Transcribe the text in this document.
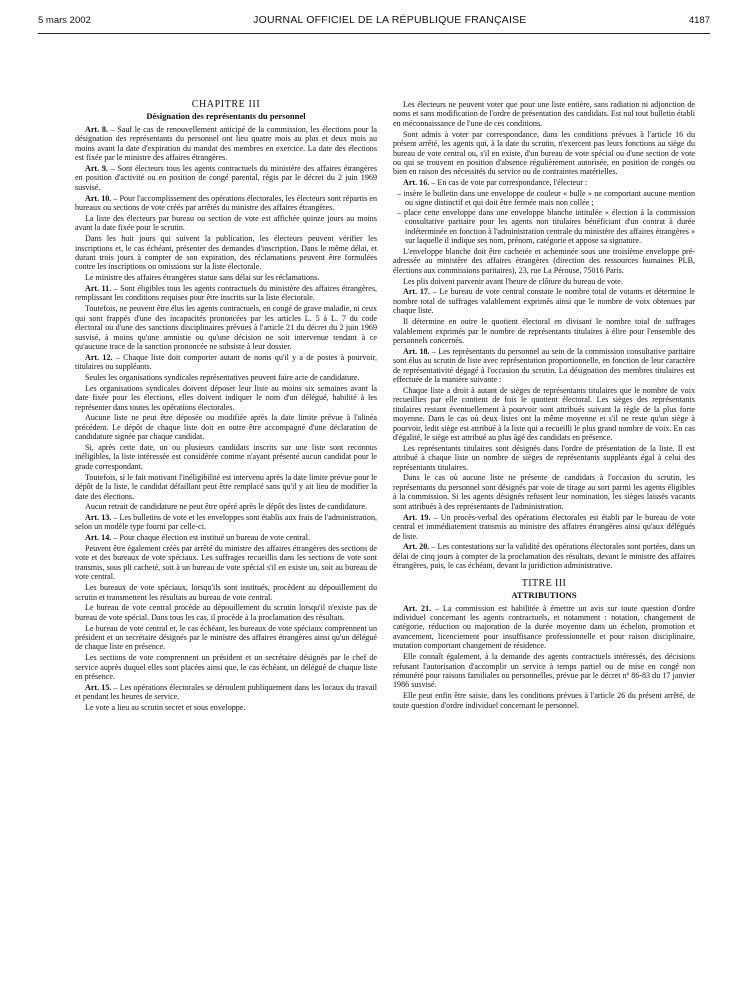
5 mars 2002	JOURNAL OFFICIEL DE LA RÉPUBLIQUE FRANÇAISE	4187
CHAPITRE III
Désignation des représentants du personnel

Art. 8. – Sauf le cas de renouvellement anticipé de la commission, les élections pour la désignation des représentants du personnel ont lieu quatre mois au plus et deux mois au moins avant la date d'expiration du mandat des membres en exercice. La date des élections est fixée par le ministre des affaires étrangères.

Art. 9. – Sont électeurs tous les agents contractuels du ministère des affaires étrangères en position d'activité ou en position de congé parental, régis par le décret du 2 juin 1969 susvisé.

Art. 10. – Pour l'accomplissement des opérations électorales, les électeurs sont répartis en bureaux ou sections de vote créés par arrêtés du ministre des affaires étrangères.

La liste des électeurs par bureau ou section de vote est affichée quinze jours au moins avant la date fixée pour le scrutin.

Dans les huit jours qui suivent la publication, les électeurs peuvent vérifier les inscriptions et, le cas échéant, présenter des demandes d'inscription. Dans le même délai, et durant trois jours à compter de son expiration, des réclamations peuvent être formulées contre les inscriptions ou omissions sur la liste électorale.

Le ministre des affaires étrangères statue sans délai sur les réclamations.

Art. 11. – Sont éligibles tous les agents contractuels du ministère des affaires étrangères, remplissant les conditions requises pour être inscrits sur la liste électorale.

Toutefois, ne peuvent être élus les agents contractuels, en congé de grave maladie, ni ceux qui sont frappés d'une des incapacités prononcées par les articles L. 5 à L. 7 du code électoral ou d'une des sanctions disciplinaires prévues à l'article 21 du décret du 2 juin 1969 susvisé, à moins qu'une amnistie ou qu'une décision ne soit intervenue tendant à ce qu'aucune trace de la sanction prononcée ne subsiste à leur dossier.

Art. 12. – Chaque liste doit comporter autant de noms qu'il y a de postes à pourvoir, titulaires ou suppléants.

Seules les organisations syndicales représentatives peuvent faire acte de candidature.

Les organisations syndicales doivent déposer leur liste au moins six semaines avant la date fixée pour les élections, elles doivent indiquer le nom d'un délégué, habilité à les représenter dans toutes les opérations électorales.

Aucune liste ne peut être déposée ou modifiée après la date limite prévue à l'alinéa précédent. Le dépôt de chaque liste doit en outre être accompagné d'une déclaration de candidature signée par chaque candidat.

Si, après cette date, un ou plusieurs candidats inscrits sur une liste sont reconnus inéligibles, la liste intéressée est considérée comme n'ayant présenté aucun candidat pour le grade correspondant.

Toutefois, si le fait motivant l'inéligibilité est intervenu après la date limite prévue pour le dépôt de la liste, le candidat défaillant peut être remplacé sans qu'il y ait lieu de modifier la date des élections.

Aucun retrait de candidature ne peut être opéré après le dépôt des listes de candidature.

Art. 13. – Les bulletins de vote et les enveloppes sont établis aux frais de l'administration, selon un modèle type fourni par celle-ci.

Art. 14. – Pour chaque élection est institué un bureau de vote central.

Peuvent être également créés par arrêté du ministre des affaires étrangères des sections de vote et des bureaux de vote spéciaux. Les suffrages recueillis dans les sections de vote sont transmis, sous pli cacheté, soit à un bureau de vote spécial s'il en existe un, soit au bureau de vote central.

Les bureaux de vote spéciaux, lorsqu'ils sont institués, procèdent au dépouillement du scrutin et transmettent les résultats au bureau de vote central.

Le bureau de vote central procède au dépouillement du scrutin lorsqu'il n'existe pas de bureau de vote spécial. Dans tous les cas, il procède à la proclamation des résultats.

Le bureau de vote central et, le cas échéant, les bureaux de vote spéciaux comprennent un président et un secrétaire désignés par le ministre des affaires étrangères ainsi qu'un délégué de chaque liste en présence.

Les sections de vote comprennent un président et un secrétaire désignés par le chef de service auprès duquel elles sont placées ainsi que, le cas échéant, un délégué de chaque liste en présence.

Art. 15. – Les opérations électorales se déroulent publiquement dans les locaux du travail et pendant les heures de service.

Le vote a lieu au scrutin secret et sous enveloppe.

Les électeurs ne peuvent voter que pour une liste entière, sans radiation ni adjonction de noms et sans modification de l'ordre de présentation des candidats. Est nul tout bulletin établi en méconnaissance de l'une de ces conditions.

Sont admis à voter par correspondance, dans les conditions prévues à l'article 16 du présent arrêté, les agents qui, à la date du scrutin, n'exercent pas leurs fonctions au siège du bureau de vote central ou, s'il en existe, d'un bureau de vote spécial ou d'une section de vote ou qui se trouvent en position d'absence régulièrement autorisée, en position de congés ou bien en raison des nécessités du service ou de contraintes matérielles.

Art. 16. – En cas de vote par correspondance, l'électeur :

– insère le bulletin dans une enveloppe de couleur « bulle » ne comportant aucune mention ou signe distinctif et qui doit être fermée mais non collée ;
– place cette enveloppe dans une enveloppe blanche intitulée « élection à la commission consultative paritaire pour les agents non titulaires bénéficiant d'un contrat à durée indéterminée en fonction à l'administration centrale du ministère des affaires étrangères » sur laquelle il indique ses nom, prénom, catégorie et appose sa signature.

L'enveloppe blanche doit être cachetée et acheminée sous une troisième enveloppe pré-adressée au ministère des affaires étrangères (direction des ressources humaines PLB, élections aux commissions paritaires), 23, rue La Pérouse, 75016 Paris.

Les plis doivent parvenir avant l'heure de clôture du bureau de vote.

Art. 17. – Le bureau de vote central constate le nombre total de votants et détermine le nombre total de suffrages valablement exprimés ainsi que le nombre de voix obtenues par chaque liste.

Il détermine en outre le quotient électoral en divisant le nombre total de suffrages valablement exprimés par le nombre de représentants titulaires à élire pour l'ensemble des personnels concernés.

Art. 18. – Les représentants du personnel au sein de la commission consultative paritaire sont élus au scrutin de liste avec représentation proportionnelle, en fonction de leur caractère de représentativité dégagé à l'occasion du scrutin. La désignation des membres titulaires est effectuée de la manière suivante :

Chaque liste a droit à autant de sièges de représentants titulaires que le nombre de voix recueillies par elle contient de fois le quotient électoral. Les sièges des représentants titulaires restant éventuellement à pourvoir sont attribués suivant la règle de la plus forte moyenne. Dans le cas où deux listes ont la même moyenne et s'il ne reste qu'un siège à pourvoir, ledit siège est attribué à la liste qui a recueilli le plus grand nombre de voix. En cas d'égalité, le siège est attribué au plus âgé des candidats en présence.

Les représentants titulaires sont désignés dans l'ordre de présentation de la liste. Il est attribué à chaque liste un nombre de sièges de représentants suppléants égal à celui des représentants titulaires.

Dans le cas où aucune liste ne présente de candidats à l'occasion du scrutin, les représentants du personnel sont désignés par voie de tirage au sort parmi les agents éligibles à la commission. Si les agents désignés refusent leur nomination, les sièges laissés vacants sont attribués à des représentants de l'administration.

Art. 19. – Un procès-verbal des opérations électorales est établi par le bureau de vote central et immédiatement transmis au ministre des affaires étrangères ainsi qu'aux délégués de liste.

Art. 20. – Les contestations sur la validité des opérations électorales sont portées, dans un délai de cinq jours à compter de la proclamation des résultats, devant le ministre des affaires étrangères, puis, le cas échéant, devant la juridiction administrative.

TITRE III
ATTRIBUTIONS

Art. 21. – La commission est habilitée à émettre un avis sur toute question d'ordre individuel concernant les agents contractuels, et notamment : notation, changement de catégorie, réduction ou majoration de la durée moyenne dans un échelon, promotion et avancement, licenciement pour insuffisance professionnelle et pour raison disciplinaire, mutation comportant changement de résidence.

Elle connaît également, à la demande des agents contractuels intéressés, des décisions refusant l'autorisation d'accomplir un service à temps partiel ou de mise en congé non rémunéré pour raisons familiales ou personnelles, prévue par le décret nº 86-83 du 17 janvier 1986 susvisé.

Elle peut enfin être saisie, dans les conditions prévues à l'article 26 du présent arrêté, de toute question d'ordre individuel concernant le personnel.
